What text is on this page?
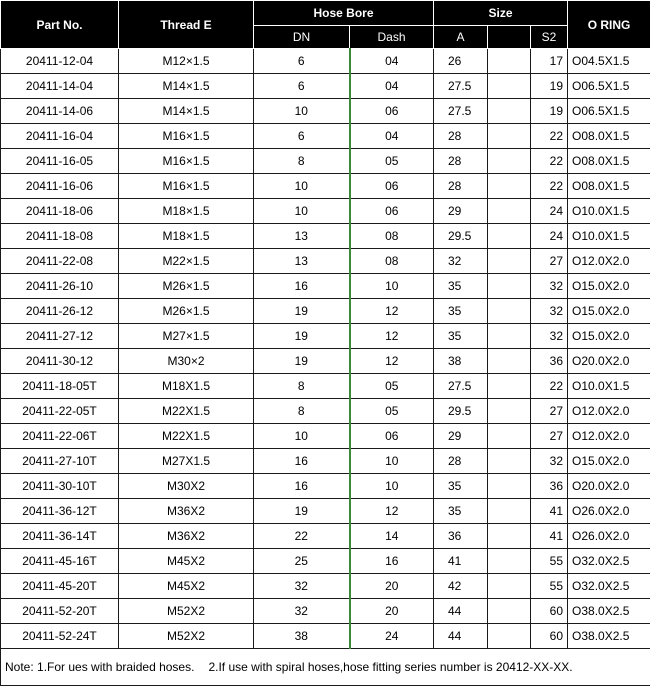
Part No.	Thread E	Hose Bore		Size			O RING
		DN	Dash	A		S2	
20411-12-04	M12×1.5	6	04	26		17	O04.5X1.5
20411-14-04	M14×1.5	6	04	27.5		19	O06.5X1.5
20411-14-06	M14×1.5	10	06	27.5		19	O06.5X1.5
20411-16-04	M16×1.5	6	04	28		22	O08.0X1.5
20411-16-05	M16×1.5	8	05	28		22	O08.0X1.5
20411-16-06	M16×1.5	10	06	28		22	O08.0X1.5
20411-18-06	M18×1.5	10	06	29		24	O10.0X1.5
20411-18-08	M18×1.5	13	08	29.5		24	O10.0X1.5
20411-22-08	M22×1.5	13	08	32		27	O12.0X2.0
20411-26-10	M26×1.5	16	10	35		32	O15.0X2.0
20411-26-12	M26×1.5	19	12	35		32	O15.0X2.0
20411-27-12	M27×1.5	19	12	35		32	O15.0X2.0
20411-30-12	M30×2	19	12	38		36	O20.0X2.0
20411-18-05T	M18X1.5	8	05	27.5		22	O10.0X1.5
20411-22-05T	M22X1.5	8	05	29.5		27	O12.0X2.0
20411-22-06T	M22X1.5	10	06	29		27	O12.0X2.0
20411-27-10T	M27X1.5	16	10	28		32	O15.0X2.0
20411-30-10T	M30X2	16	10	35		36	O20.0X2.0
20411-36-12T	M36X2	19	12	35		41	O26.0X2.0
20411-36-14T	M36X2	22	14	36		41	O26.0X2.0
20411-45-16T	M45X2	25	16	41		55	O32.0X2.5
20411-45-20T	M45X2	32	20	42		55	O32.0X2.5
20411-52-20T	M52X2	32	20	44		60	O38.0X2.5
20411-52-24T	M52X2	38	24	44		60	O38.0X2.5
Note: 1.For ues with braided hoses. 2.If use with spiral hoses,hose fitting series number is 20412-XX-XX.							
